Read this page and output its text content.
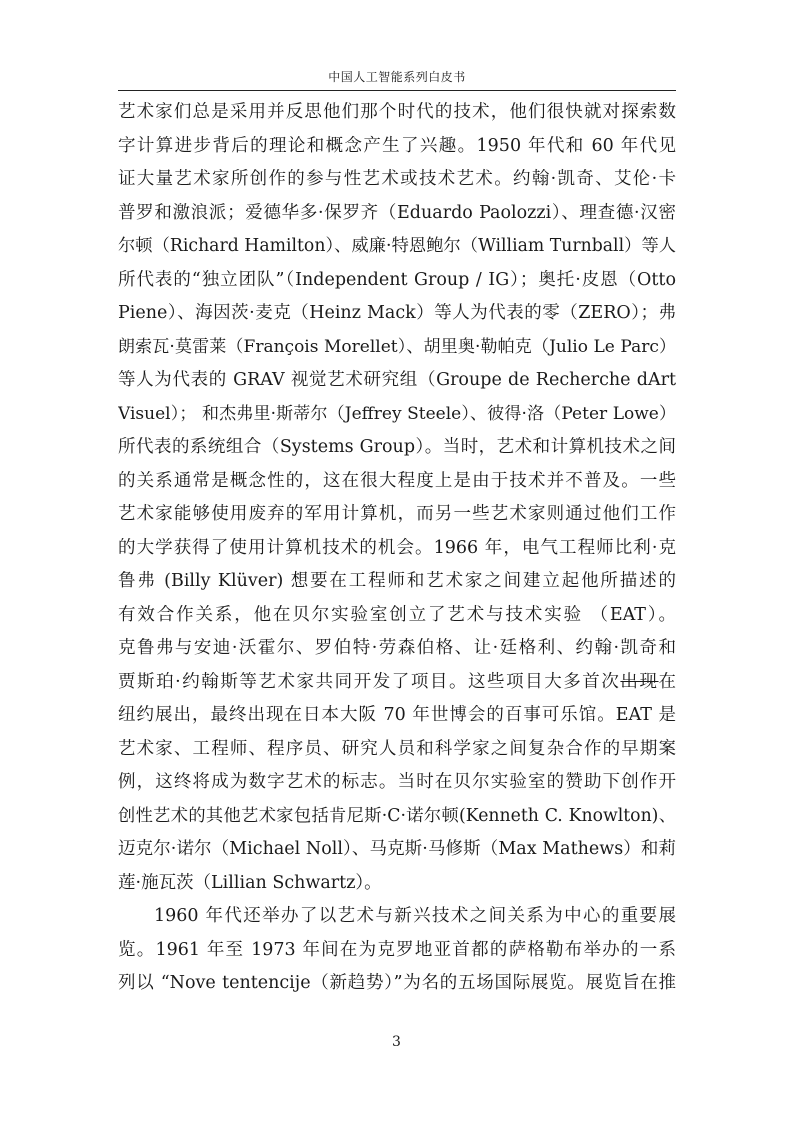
中国人工智能系列白皮书
艺术家们总是采用并反思他们那个时代的技术，他们很快就对探索数
字计算进步背后的理论和概念产生了兴趣。1950 年代和 60 年代见
证大量艺术家所创作的参与性艺术或技术艺术。约翰·凯奇、艾伦·卡
普罗和激浪派；爱德华多·保罗齐（Eduardo Paolozzi）、理查德·汉密
尔顿（Richard Hamilton）、威廉·特恩鲍尔（William Turnball）等人
所代表的“独立团队”（Independent Group / IG）；奥托·皮恩（Otto
Piene）、海因茨·麦克（Heinz Mack）等人为代表的零（ZERO）；弗
朗索瓦·莫雷莱（François Morellet）、胡里奥·勒帕克（Julio Le Parc）
等人为代表的 GRAV 视觉艺术研究组（Groupe de Recherche dArt
Visuel）； 和杰弗里·斯蒂尔（Jeffrey Steele）、彼得·洛（Peter Lowe）
所代表的系统组合（Systems Group）。当时，艺术和计算机技术之间
的关系通常是概念性的，这在很大程度上是由于技术并不普及。一些
艺术家能够使用废弃的军用计算机，而另一些艺术家则通过他们工作
的大学获得了使用计算机技术的机会。1966 年，电气工程师比利·克
鲁弗 (Billy Klüver) 想要在工程师和艺术家之间建立起他所描述的
有效合作关系，他在贝尔实验室创立了艺术与技术实验 （EAT）。
克鲁弗与安迪·沃霍尔、罗伯特·劳森伯格、让·廷格利、约翰·凯奇和
贾斯珀·约翰斯等艺术家共同开发了项目。这些项目大多首次出现在
纽约展出，最终出现在日本大阪 70 年世博会的百事可乐馆。EAT 是
艺术家、工程师、程序员、研究人员和科学家之间复杂合作的早期案
例，这终将成为数字艺术的标志。当时在贝尔实验室的赞助下创作开
创性艺术的其他艺术家包括肯尼斯·C·诺尔顿(Kenneth C. Knowlton)、
迈克尔·诺尔（Michael Noll）、马克斯·马修斯（Max Mathews）和莉
莲·施瓦茨（Lillian Schwartz）。
1960 年代还举办了以艺术与新兴技术之间关系为中心的重要展
览。1961 年至 1973 年间在为克罗地亚首都的萨格勒布举办的一系
列以 “Nove tentencije（新趋势）”为名的五场国际展览。展览旨在推
3
